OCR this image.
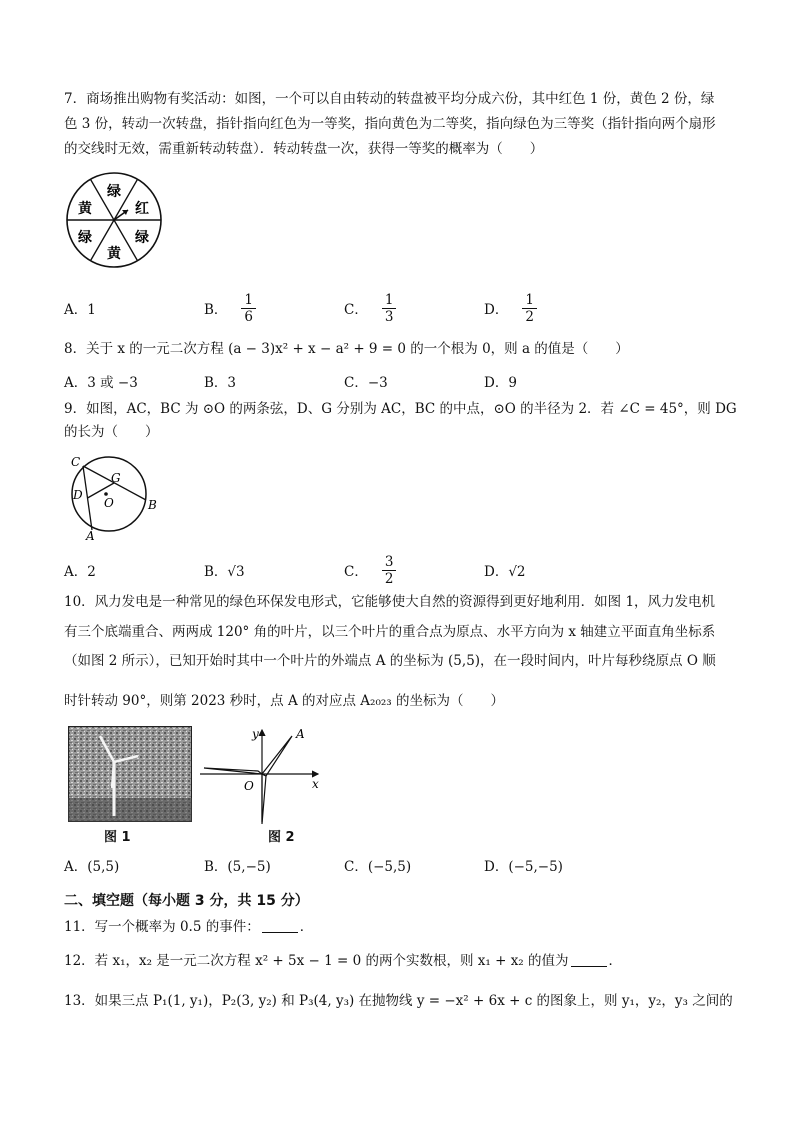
7．商场推出购物有奖活动：如图，一个可以自由转动的转盘被平均分成六份，其中红色 1 份，黄色 2 份，绿
色 3 份，转动一次转盘，指针指向红色为一等奖，指向黄色为二等奖，指向绿色为三等奖（指针指向两个扇形
的交线时无效，需重新转动转盘）．转动转盘一次，获得一等奖的概率为（　　）
绿
红
绿
黄
绿
黄
A．1	B． $\frac{1}{6}$	C． $\frac{1}{3}$	D． $\frac{1}{2}$
8．关于 x 的一元二次方程 (a − 3)x² + x − a² + 9 = 0 的一个根为 0，则 a 的值是（　　）
A．3 或 −3	B．3	C．−3	D．9
9．如图，AC，BC 为 ⊙O 的两条弦，D、G 分别为 AC，BC 的中点，⊙O 的半径为 2．若 ∠C = 45°，则 DG
的长为（　　）
C
G
D
O	B
A
A．2	B．√3	C． $\frac{3}{2}$	D．√2
10．风力发电是一种常见的绿色环保发电形式，它能够使大自然的资源得到更好地利用．如图 1，风力发电机
有三个底端重合、两两成 120° 角的叶片，以三个叶片的重合点为原点、水平方向为 x 轴建立平面直角坐标系
（如图 2 所示），已知开始时其中一个叶片的外端点 A 的坐标为 (5,5)，在一段时间内，叶片每秒绕原点 O 顺
时针转动 90°，则第 2023 秒时，点 A 的对应点 A₂₀₂₃ 的坐标为（　　）
图 1
y	A
O	x
图 2
A．(5,5)	B．(5,−5)	C．(−5,5)	D．(−5,−5)
二、填空题（每小题 3 分，共 15 分）
11．写一个概率为 0.5 的事件：	．
12．若 x₁，x₂ 是一元二次方程 x² + 5x − 1 = 0 的两个实数根，则 x₁ + x₂ 的值为	．
13．如果三点 P₁(1, y₁)，P₂(3, y₂) 和 P₃(4, y₃) 在抛物线 y = −x² + 6x + c 的图象上，则 y₁，y₂，y₃ 之间的
